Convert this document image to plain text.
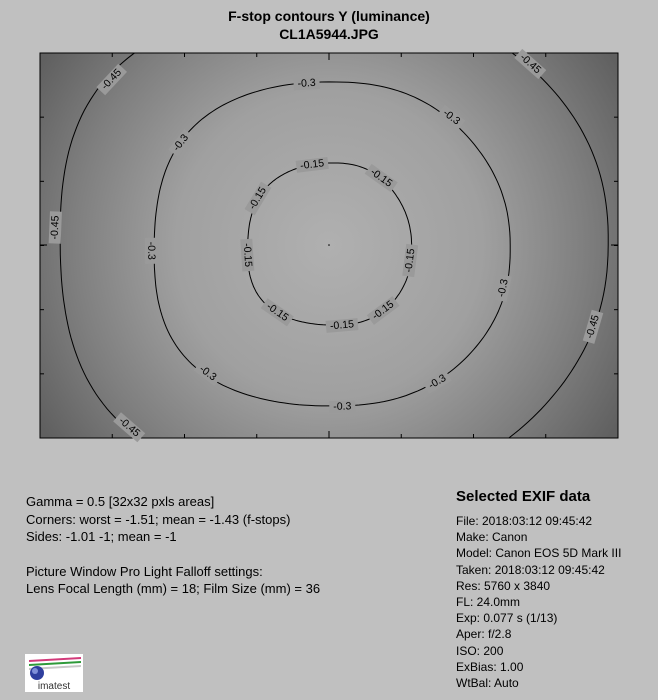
F-stop contours Y (luminance)
CL1A5944.JPG
-0.15
-0.15
-0.15
-0.15
-0.15
-0.15
-0.15
-0.15
-0.3
-0.3
-0.3
-0.3
-0.3
-0.3
-0.3
-0.3
-0.45
-0.45
-0.45
-0.45
-0.45
Gamma = 0.5 [32x32 pxls areas]
Corners: worst = -1.51; mean = -1.43 (f-stops)
Sides: -1.01 -1; mean = -1
Picture Window Pro Light Falloff settings:
Lens Focal Length (mm) = 18; Film Size (mm) = 36
Selected EXIF data
File: 2018:03:12 09:45:42
Make: Canon
Model: Canon EOS 5D Mark III
Taken: 2018:03:12 09:45:42
Res: 5760 x 3840
FL: 24.0mm
Exp: 0.077 s (1/13)
Aper: f/2.8
ISO: 200
ExBias: 1.00
WtBal: Auto
imatest
